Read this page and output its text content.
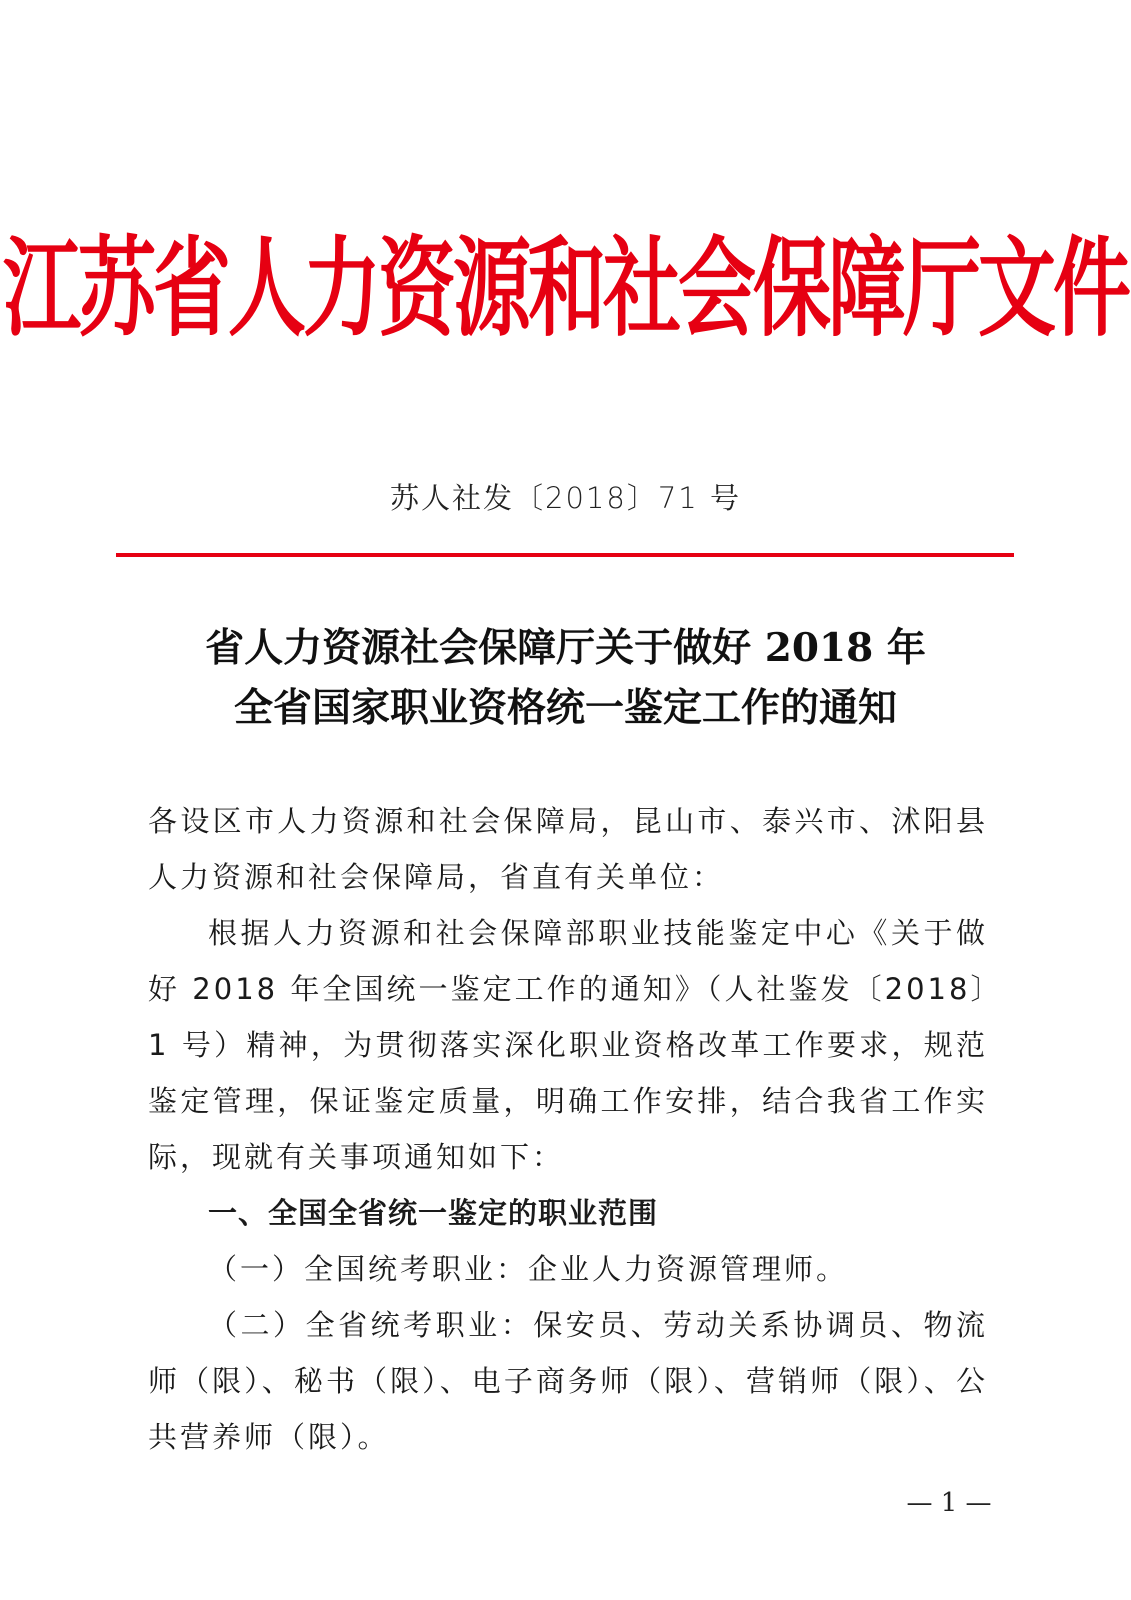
江苏省人力资源和社会保障厅文件
苏人社发〔2018〕71 号
省人力资源社会保障厅关于做好 2018 年
全省国家职业资格统一鉴定工作的通知

各设区市人力资源和社会保障局，昆山市、泰兴市、沭阳县人力资源和社会保障局，省直有关单位：

根据人力资源和社会保障部职业技能鉴定中心《关于做好 2018 年全国统一鉴定工作的通知》（人社鉴发〔2018〕1 号）精神，为贯彻落实深化职业资格改革工作要求，规范鉴定管理，保证鉴定质量，明确工作安排，结合我省工作实际，现就有关事项通知如下：

一、全国全省统一鉴定的职业范围

（一）全国统考职业：企业人力资源管理师。

（二）全省统考职业：保安员、劳动关系协调员、物流师（限）、秘书（限）、电子商务师（限）、营销师（限）、公共营养师（限）。

— 1 —
